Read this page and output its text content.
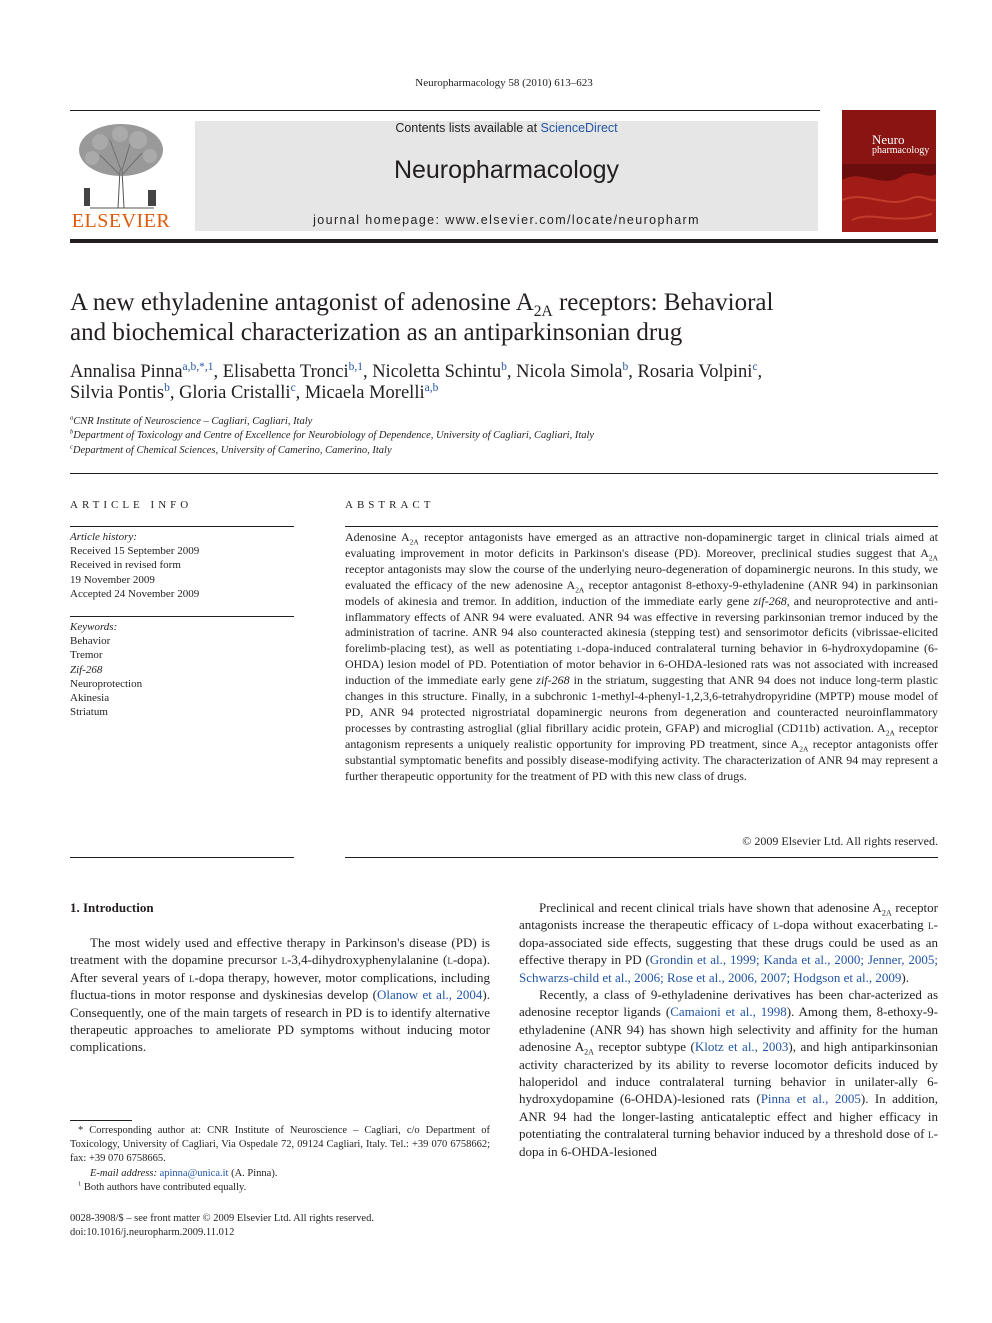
Neuropharmacology 58 (2010) 613–623
ELSEVIER
Contents lists available at ScienceDirect
Neuropharmacology
journal homepage: www.elsevier.com/locate/neuropharm
Neuro
pharmacology
A new ethyladenine antagonist of adenosine $A_{2A}$ receptors: Behavioral
and biochemical characterization as an antiparkinsonian drug
Annalisa Pinna$^{a,b,*,1}$, Elisabetta Tronci$^{b,1}$, Nicoletta Schintu$^b$, Nicola Simola$^b$, Rosaria Volpini$^c$,
Silvia Pontis$^b$, Gloria Cristalli$^c$, Micaela Morelli$^{a,b}$
$^a$CNR Institute of Neuroscience – Cagliari, Cagliari, Italy
$^b$Department of Toxicology and Centre of Excellence for Neurobiology of Dependence, University of Cagliari, Cagliari, Italy
$^c$Department of Chemical Sciences, University of Camerino, Camerino, Italy
ARTICLE INFO
Article history:
Received 15 September 2009
Received in revised form
19 November 2009
Accepted 24 November 2009
Keywords:
Behavior
Tremor
Zif-268
Neuroprotection
Akinesia
Striatum
ABSTRACT
Adenosine $A_{2A}$ receptor antagonists have emerged as an attractive non-dopaminergic target in clinical trials aimed at evaluating improvement in motor deficits in Parkinson's disease (PD). Moreover, preclinical studies suggest that $A_{2A}$ receptor antagonists may slow the course of the underlying neuro-degeneration of dopaminergic neurons. In this study, we evaluated the efficacy of the new adenosine $A_{2A}$ receptor antagonist 8-ethoxy-9-ethyladenine (ANR 94) in parkinsonian models of akinesia and tremor. In addition, induction of the immediate early gene zif-268, and neuroprotective and anti-inflammatory effects of ANR 94 were evaluated. ANR 94 was effective in reversing parkinsonian tremor induced by the administration of tacrine. ANR 94 also counteracted akinesia (stepping test) and sensorimotor deficits (vibrissae-elicited forelimb-placing test), as well as potentiating l-dopa-induced contralateral turning behavior in 6-hydroxydopamine (6-OHDA) lesion model of PD. Potentiation of motor behavior in 6-OHDA-lesioned rats was not associated with increased induction of the immediate early gene zif-268 in the striatum, suggesting that ANR 94 does not induce long-term plastic changes in this structure. Finally, in a subchronic 1-methyl-4-phenyl-1,2,3,6-tetrahydropyridine (MPTP) mouse model of PD, ANR 94 protected nigrostriatal dopaminergic neurons from degeneration and counteracted neuroinflammatory processes by contrasting astroglial (glial fibrillary acidic protein, GFAP) and microglial (CD11b) activation. $A_{2A}$ receptor antagonism represents a uniquely realistic opportunity for improving PD treatment, since $A_{2A}$ receptor antagonists offer substantial symptomatic benefits and possibly disease-modifying activity. The characterization of ANR 94 may represent a further therapeutic opportunity for the treatment of PD with this new class of drugs.
© 2009 Elsevier Ltd. All rights reserved.
1. Introduction

The most widely used and effective therapy in Parkinson's disease (PD) is treatment with the dopamine precursor l-3,4-dihydroxyphenylalanine (l-dopa). After several years of l-dopa therapy, however, motor complications, including fluctua-tions in motor response and dyskinesias develop (Olanow et al., 2004). Consequently, one of the main targets of research in PD is to identify alternative therapeutic approaches to ameliorate PD symptoms without inducing motor complications.

Preclinical and recent clinical trials have shown that adenosine $A_{2A}$ receptor antagonists increase the therapeutic efficacy of l-dopa without exacerbating l-dopa-associated side effects, suggesting that these drugs could be used as an effective therapy in PD (Grondin et al., 1999; Kanda et al., 2000; Jenner, 2005; Schwarzs-child et al., 2006; Rose et al., 2006, 2007; Hodgson et al., 2009).

Recently, a class of 9-ethyladenine derivatives has been char-acterized as adenosine receptor ligands (Camaioni et al., 1998). Among them, 8-ethoxy-9-ethyladenine (ANR 94) has shown high selectivity and affinity for the human adenosine $A_{2A}$ receptor subtype (Klotz et al., 2003), and high antiparkinsonian activity characterized by its ability to reverse locomotor deficits induced by haloperidol and induce contralateral turning behavior in unilater-ally 6-hydroxydopamine (6-OHDA)-lesioned rats (Pinna et al., 2005). In addition, ANR 94 had the longer-lasting anticataleptic effect and higher efficacy in potentiating the contralateral turning behavior induced by a threshold dose of l-dopa in 6-OHDA-lesioned

* Corresponding author at: CNR Institute of Neuroscience – Cagliari, c/o Department of Toxicology, University of Cagliari, Via Ospedale 72, 09124 Cagliari, Italy. Tel.: +39 070 6758662; fax: +39 070 6758665.
E-mail address: apinna@unica.it (A. Pinna).
$^1$ Both authors have contributed equally.
0028-3908/$ – see front matter © 2009 Elsevier Ltd. All rights reserved.
doi:10.1016/j.neuropharm.2009.11.012
